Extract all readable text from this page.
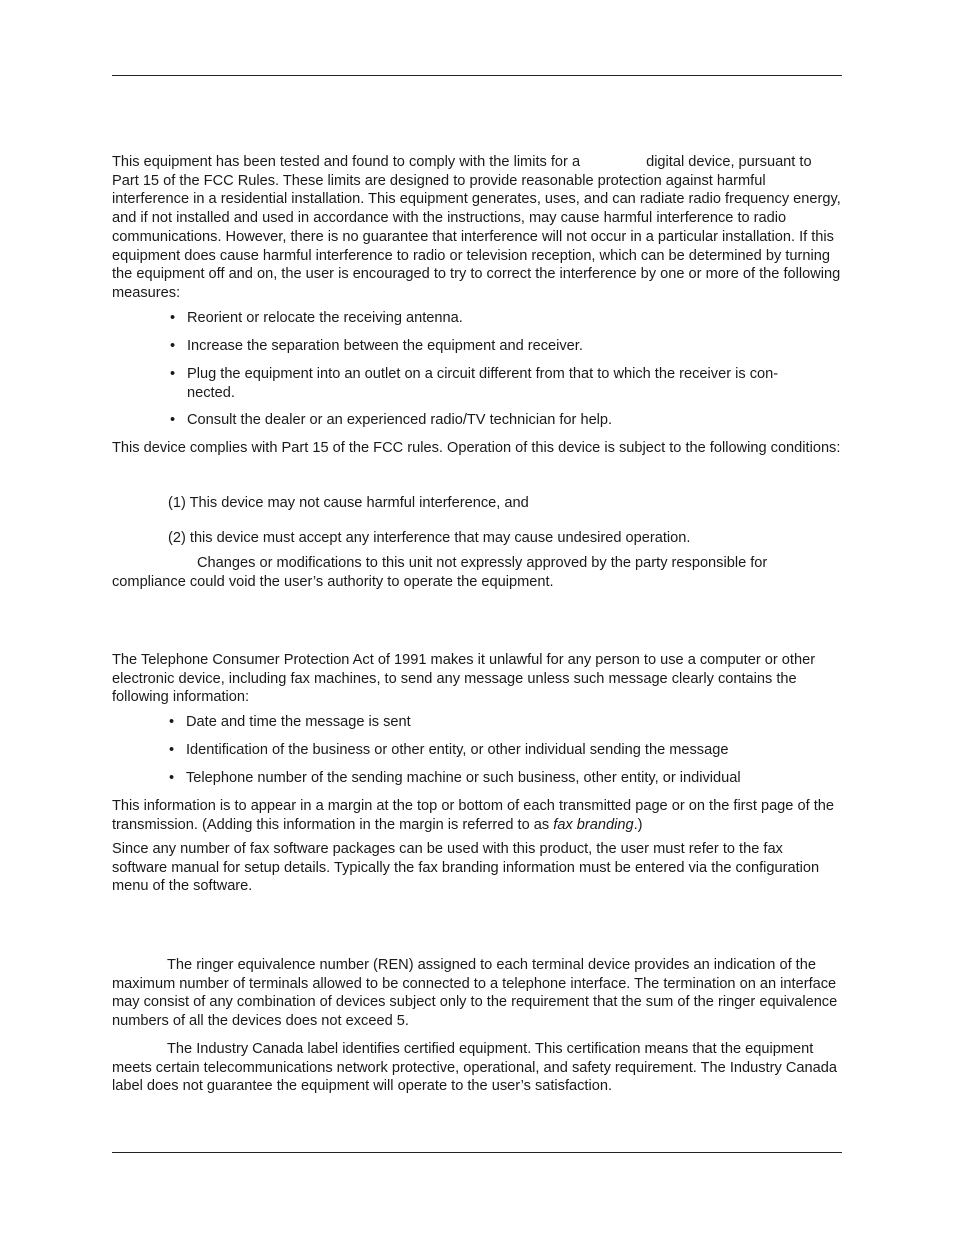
This equipment has been tested and found to comply with the limits for a	digital device, pursuant to Part 15 of the FCC Rules. These limits are designed to provide reasonable protection against harmful interference in a residential installation. This equipment generates, uses, and can radiate radio frequency energy, and if not installed and used in accordance with the instructions, may cause harmful interference to radio communications. However, there is no guarantee that interference will not occur in a particular installation. If this equipment does cause harmful interference to radio or television reception, which can be determined by turning the equipment off and on, the user is encouraged to try to correct the interference by one or more of the following measures:

• Reorient or relocate the receiving antenna.
• Increase the separation between the equipment and receiver.
• Plug the equipment into an outlet on a circuit different from that to which the receiver is con-nected.
• Consult the dealer or an experienced radio/TV technician for help.

This device complies with Part 15 of the FCC rules. Operation of this device is subject to the following conditions:

(1) This device may not cause harmful interference, and

(2) this device must accept any interference that may cause undesired operation.

Changes or modifications to this unit not expressly approved by the party responsible for compliance could void the user’s authority to operate the equipment.

The Telephone Consumer Protection Act of 1991 makes it unlawful for any person to use a computer or other electronic device, including fax machines, to send any message unless such message clearly contains the following information:

• Date and time the message is sent
• Identification of the business or other entity, or other individual sending the message
• Telephone number of the sending machine or such business, other entity, or individual

This information is to appear in a margin at the top or bottom of each transmitted page or on the first page of the transmission. (Adding this information in the margin is referred to as fax branding.)

Since any number of fax software packages can be used with this product, the user must refer to the fax software manual for setup details. Typically the fax branding information must be entered via the configuration menu of the software.

The ringer equivalence number (REN) assigned to each terminal device provides an indication of the maximum number of terminals allowed to be connected to a telephone interface. The termination on an interface may consist of any combination of devices subject only to the requirement that the sum of the ringer equivalence numbers of all the devices does not exceed 5.

The Industry Canada label identifies certified equipment. This certification means that the equipment meets certain telecommunications network protective, operational, and safety requirement. The Industry Canada label does not guarantee the equipment will operate to the user’s satisfaction.
